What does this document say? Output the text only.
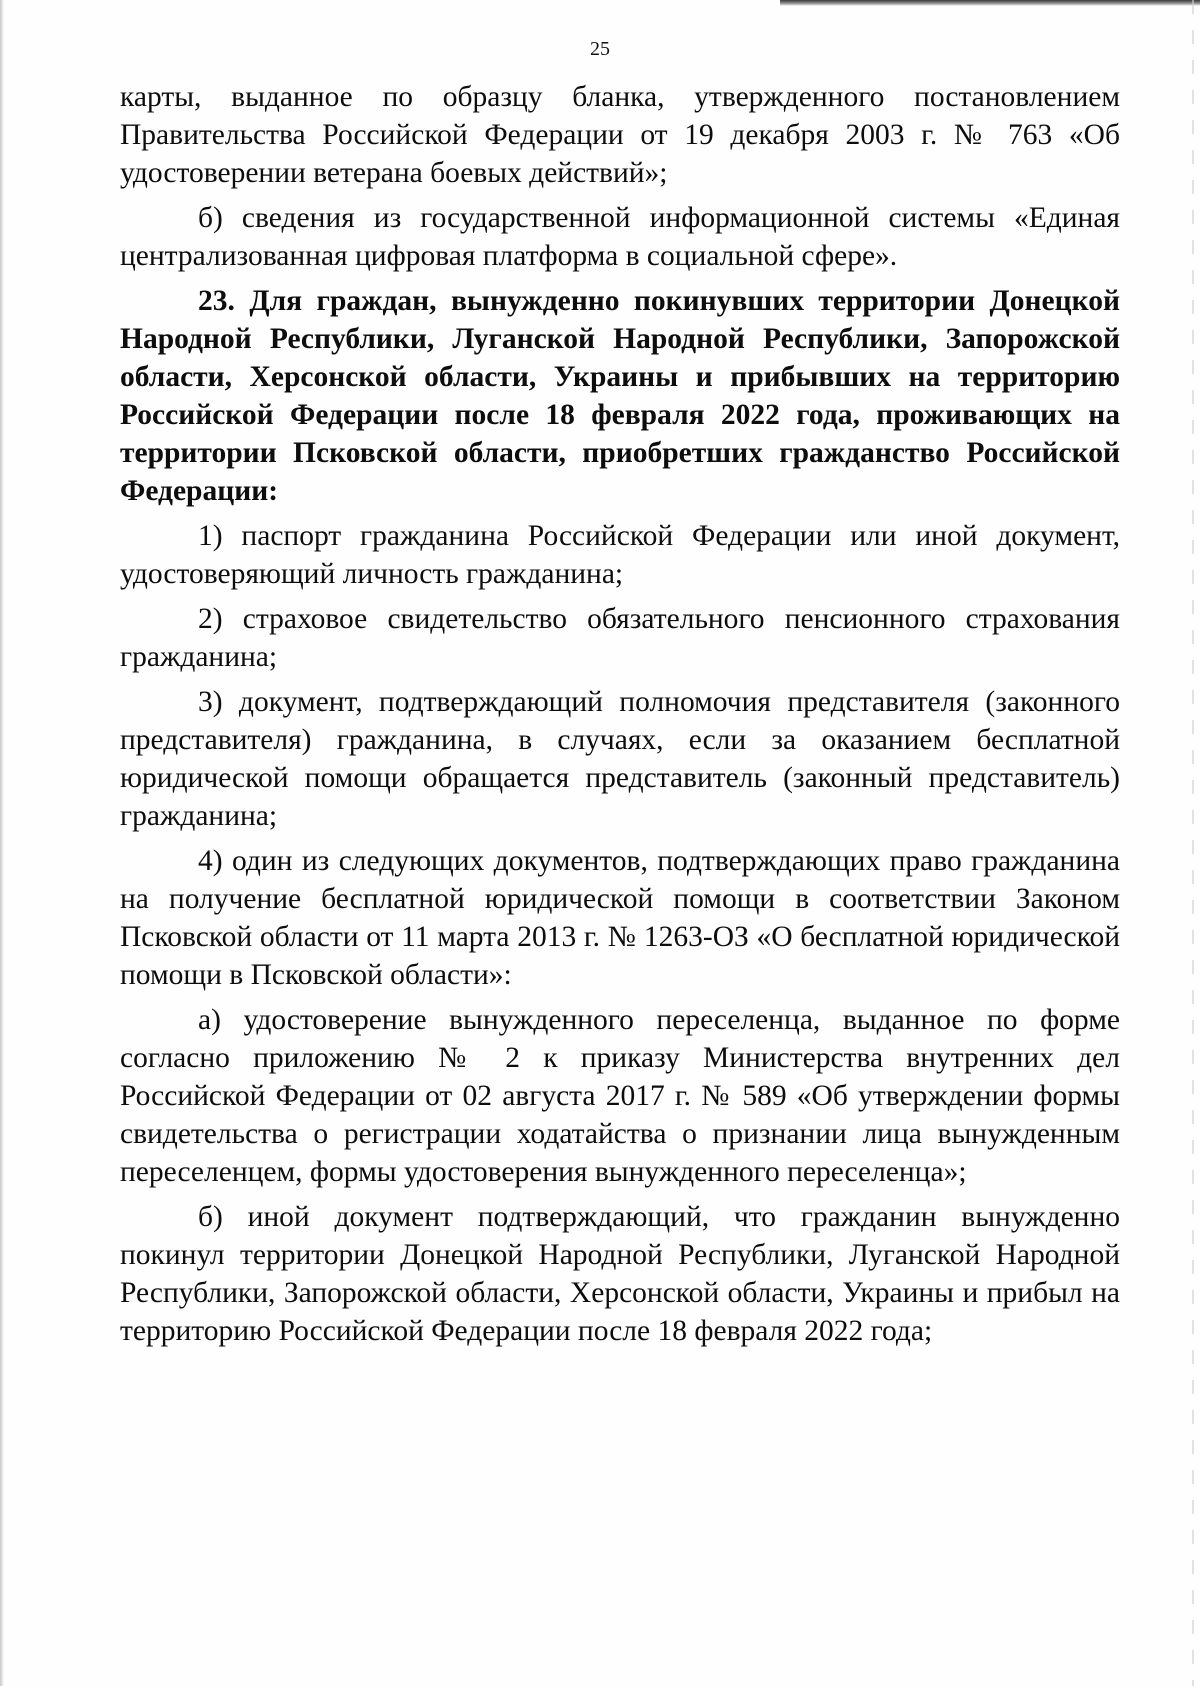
25

карты, выданное по образцу бланка, утвержденного постановлением Правительства Российской Федерации от 19 декабря 2003 г. № 763 «Об удостоверении ветерана боевых действий»;

б) сведения из государственной информационной системы «Единая централизованная цифровая платформа в социальной сфере».

23. Для граждан, вынужденно покинувших территории Донецкой Народной Республики, Луганской Народной Республики, Запорожской области, Херсонской области, Украины и прибывших на территорию Российской Федерации после 18 февраля 2022 года, проживающих на территории Псковской области, приобретших гражданство Российской Федерации:

1) паспорт гражданина Российской Федерации или иной документ, удостоверяющий личность гражданина;

2) страховое свидетельство обязательного пенсионного страхования гражданина;

3) документ, подтверждающий полномочия представителя (законного представителя) гражданина, в случаях, если за оказанием бесплатной юридической помощи обращается представитель (законный представитель) гражданина;

4) один из следующих документов, подтверждающих право гражданина на получение бесплатной юридической помощи в соответствии Законом Псковской области от 11 марта 2013 г. № 1263-ОЗ «О бесплатной юридической помощи в Псковской области»:

а) удостоверение вынужденного переселенца, выданное по форме согласно приложению № 2 к приказу Министерства внутренних дел Российской Федерации от 02 августа 2017 г. № 589 «Об утверждении формы свидетельства о регистрации ходатайства о признании лица вынужденным переселенцем, формы удостоверения вынужденного переселенца»;

б) иной документ подтверждающий, что гражданин вынужденно покинул территории Донецкой Народной Республики, Луганской Народной Республики, Запорожской области, Херсонской области, Украины и прибыл на территорию Российской Федерации после 18 февраля 2022 года;
